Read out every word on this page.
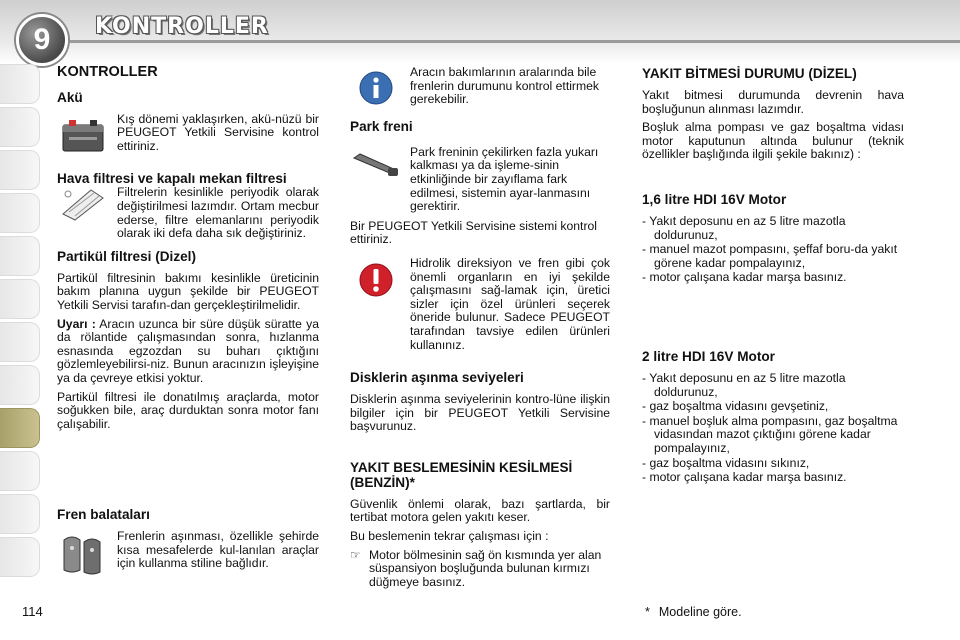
9	KONTROLLER
KONTROLLER
Akü
Kış dönemi yaklaşırken, akü-nüzü bir PEUGEOT Yetkili Servisine kontrol ettiriniz.
Hava filtresi ve kapalı mekan filtresi
Filtrelerin kesinlikle periyodik olarak değiştirilmesi lazımdır. Ortam mecbur ederse, filtre elemanlarını periyodik olarak iki defa daha sık değiştiriniz.
Partikül filtresi (Dizel)

Partikül filtresinin bakımı kesinlikle üreticinin bakım planına uygun şekilde bir PEUGEOT Yetkili Servisi tarafın-dan gerçekleştirilmelidir.

Uyarı : Aracın uzunca bir süre düşük süratte ya da rölantide çalışmasından sonra, hızlanma esnasında egzozdan su buharı çıktığını gözlemleyebilirsi-niz. Bunun aracınızın işleyişine ya da çevreye etkisi yoktur.

Partikül filtresi ile donatılmış araçlarda, motor soğukken bile, araç durduktan sonra motor fanı çalışabilir.

Fren balataları
Frenlerin aşınması, özellikle şehirde kısa mesafelerde kul-lanılan araçlar için kullanma stiline bağlıdır.
Aracın bakımlarının aralarında bile frenlerin durumunu kontrol ettirmek gerekebilir.
Park freni
Park freninin çekilirken fazla yukarı kalkması ya da işleme-sinin etkinliğinde bir zayıflama fark edilmesi, sistemin ayar-lanmasını gerektirir.

Bir PEUGEOT Yetkili Servisine sistemi kontrol ettiriniz.

Hidrolik direksiyon ve fren gibi çok önemli organların en iyi şekilde çalışmasını sağ-lamak için, üretici sizler için özel ürünleri seçerek öneride bulunur. Sadece PEUGEOT tarafından tavsiye edilen ürünleri kullanınız.
Disklerin aşınma seviyeleri

Disklerin aşınma seviyelerinin kontro-lüne ilişkin bilgiler için bir PEUGEOT Yetkili Servisine başvurunuz.

YAKIT BESLEMESİNİN KESİLMESİ (BENZİN)*

Güvenlik önlemi olarak, bazı şartlarda, bir tertibat motora gelen yakıtı keser.

Bu beslemenin tekrar çalışması için :

☞ Motor bölmesinin sağ ön kısmında yer alan süspansiyon boşluğunda bulunan kırmızı düğmeye basınız.
YAKIT BİTMESİ DURUMU (DİZEL)

Yakıt bitmesi durumunda devrenin hava boşluğunun alınması lazımdır.

Boşluk alma pompası ve gaz boşaltma vidası motor kaputunun altında bulunur (teknik özellikler başlığında ilgili şekile bakınız) :

1,6 litre HDI 16V Motor
- Yakıt deposunu en az 5 litre mazotla doldurunuz,
- manuel mazot pompasını, şeffaf boru-da yakıt görene kadar pompalayınız,
- motor çalışana kadar marşa basınız.
2 litre HDI 16V Motor
- Yakıt deposunu en az 5 litre mazotla doldurunuz,
- gaz boşaltma vidasını gevşetiniz,
- manuel boşluk alma pompasını, gaz boşaltma vidasından mazot çıktığını görene kadar pompalayınız,
- gaz boşaltma vidasını sıkınız,
- motor çalışana kadar marşa basınız.
114	* Modeline göre.
